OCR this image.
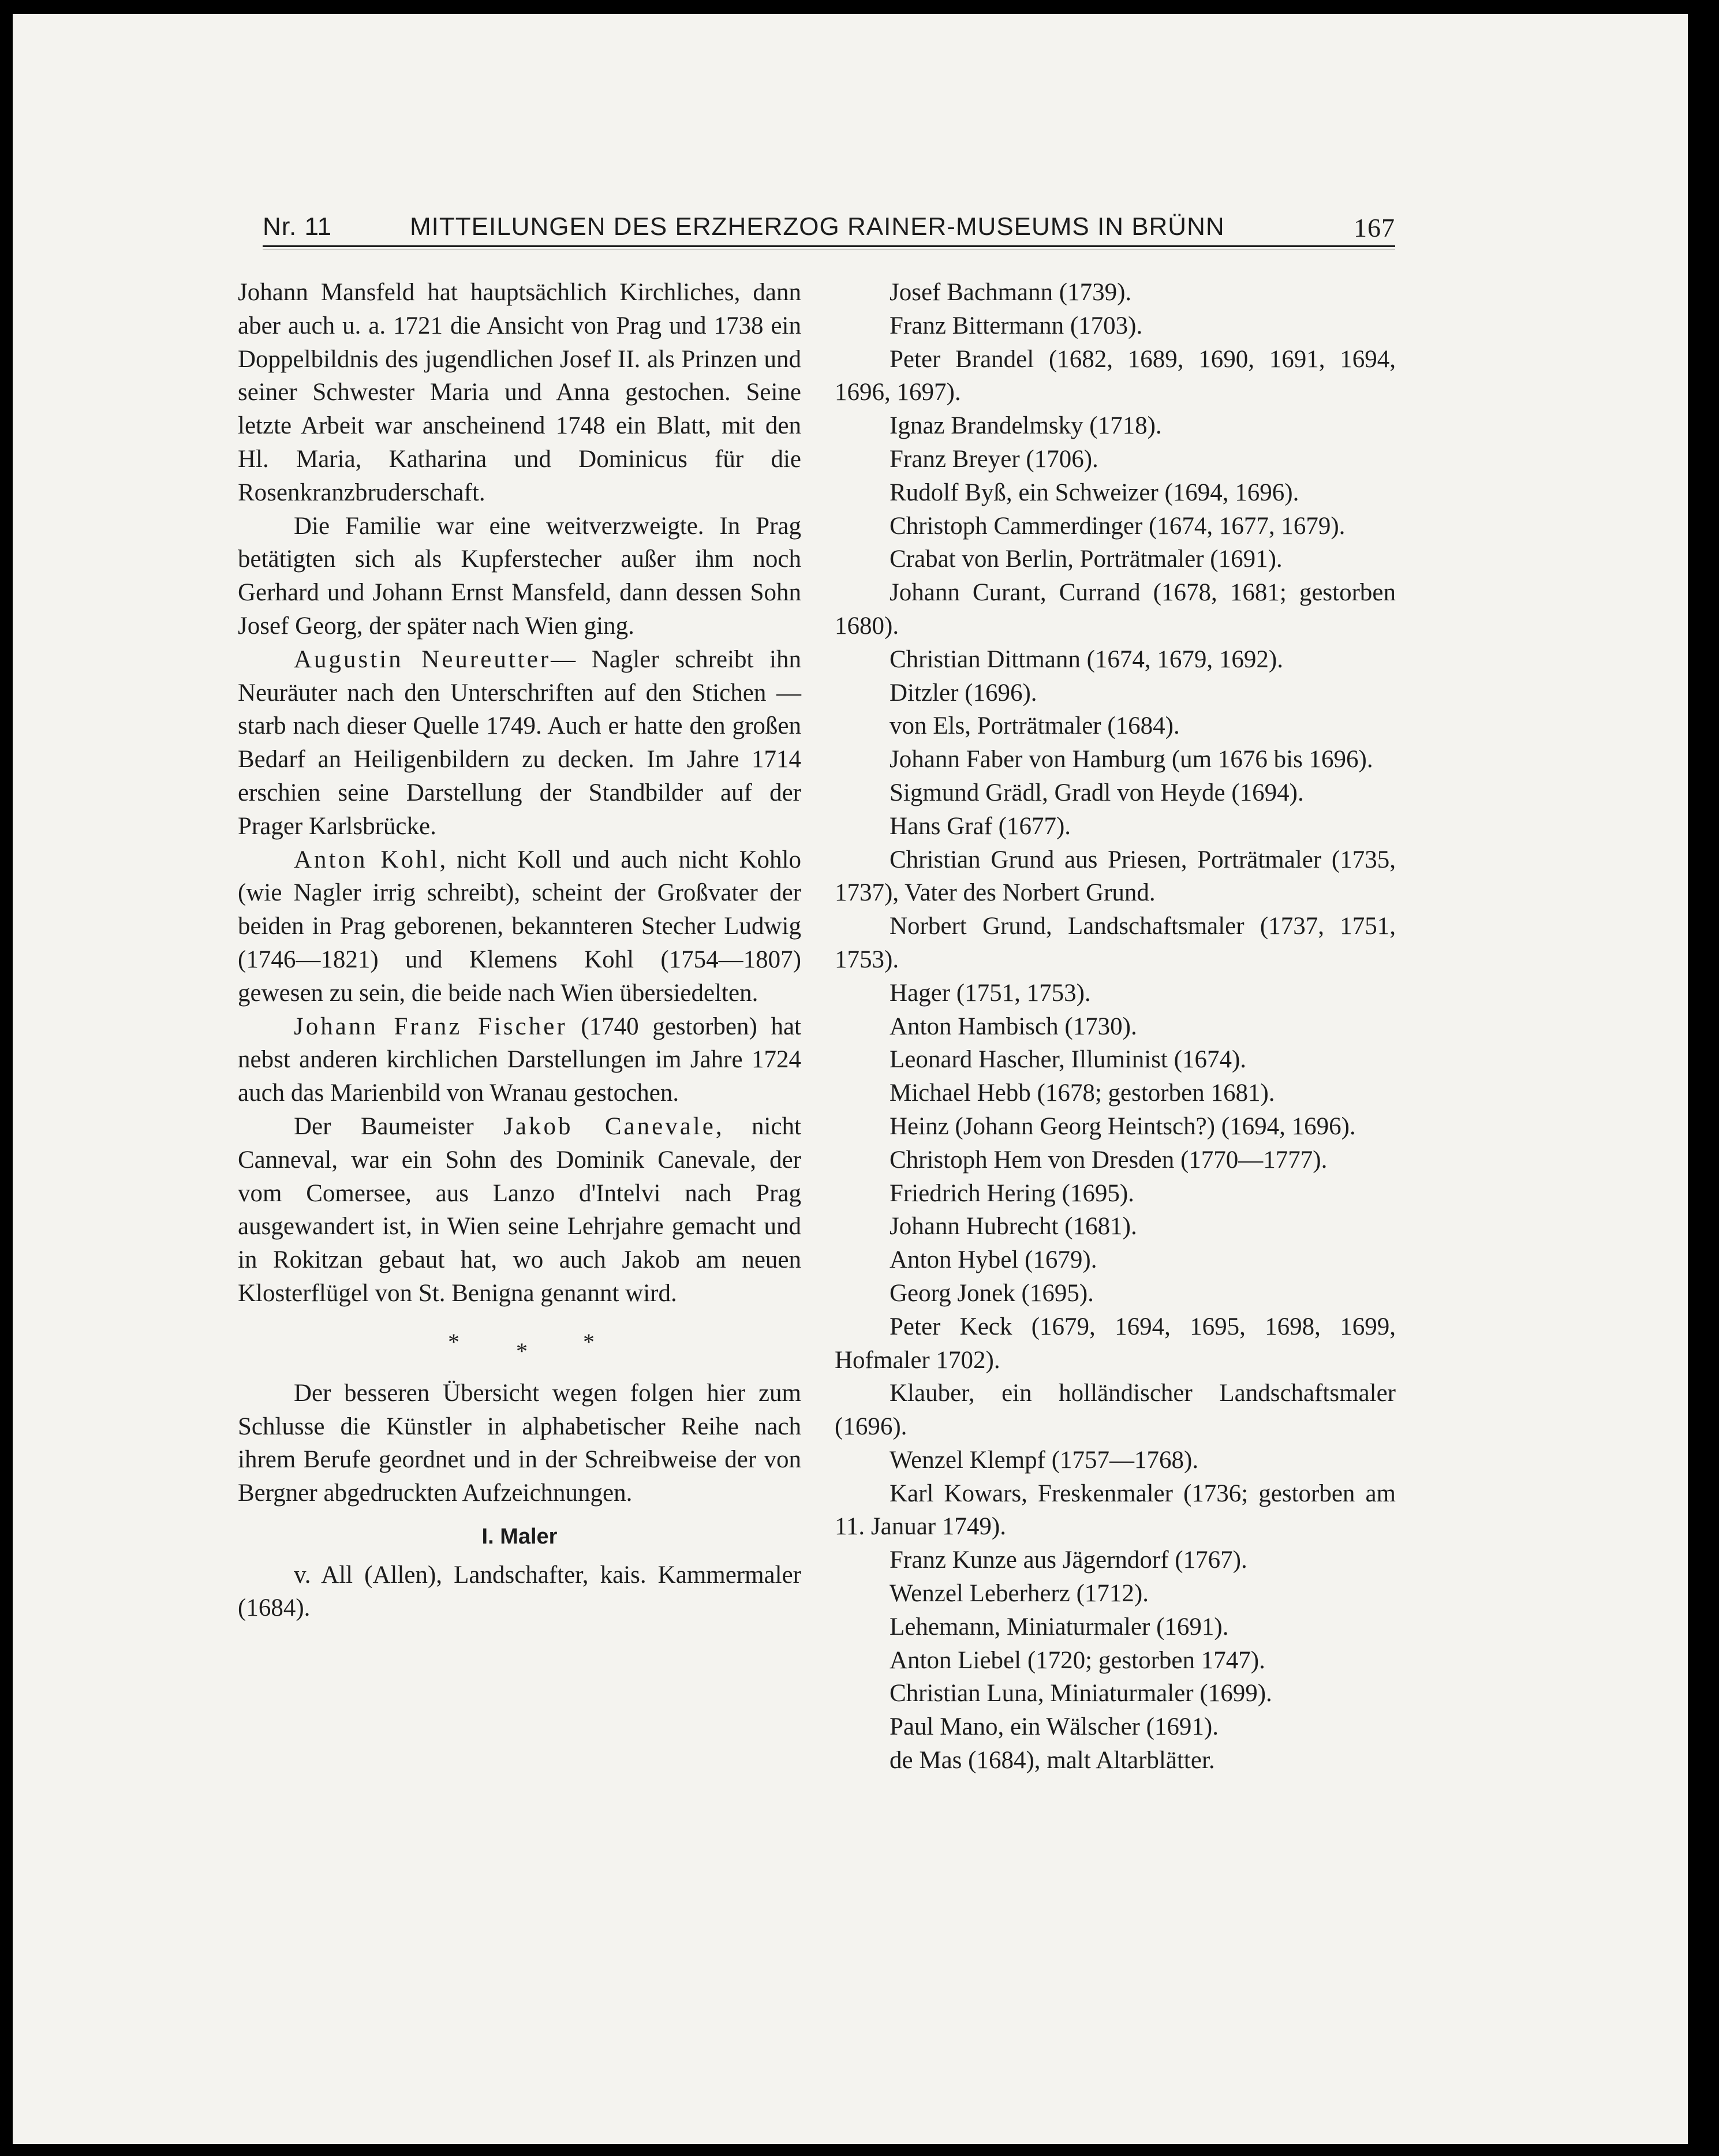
Nr. 11	MITTEILUNGEN DES ERZHERZOG RAINER-MUSEUMS IN BRÜNN	167

Johann Mansfeld hat hauptsächlich Kirchliches, dann aber auch u. a. 1721 die Ansicht von Prag und 1738 ein Doppelbildnis des jugendlichen Josef II. als Prinzen und seiner Schwester Maria und Anna gestochen. Seine letzte Arbeit war anscheinend 1748 ein Blatt, mit den Hl. Maria, Katharina und Dominicus für die Rosenkranzbruderschaft.

Die Familie war eine weitverzweigte. In Prag betätigten sich als Kupferstecher außer ihm noch Gerhard und Johann Ernst Mansfeld, dann dessen Sohn Josef Georg, der später nach Wien ging.

Augustin Neureutter— Nagler schreibt ihn Neuräuter nach den Unterschriften auf den Stichen — starb nach dieser Quelle 1749. Auch er hatte den großen Bedarf an Heiligenbildern zu decken. Im Jahre 1714 erschien seine Darstellung der Standbilder auf der Prager Karlsbrücke.

Anton Kohl, nicht Koll und auch nicht Kohlo (wie Nagler irrig schreibt), scheint der Großvater der beiden in Prag geborenen, bekannteren Stecher Ludwig (1746—1821) und Klemens Kohl (1754—1807) gewesen zu sein, die beide nach Wien übersiedelten.

Johann Franz Fischer (1740 gestorben) hat nebst anderen kirchlichen Darstellungen im Jahre 1724 auch das Marienbild von Wranau gestochen.

Der Baumeister Jakob Canevale, nicht Canneval, war ein Sohn des Dominik Canevale, der vom Comersee, aus Lanzo d'Intelvi nach Prag ausgewandert ist, in Wien seine Lehrjahre gemacht und in Rokitzan gebaut hat, wo auch Jakob am neuen Klosterflügel von St. Benigna genannt wird.

* * *

Der besseren Übersicht wegen folgen hier zum Schlusse die Künstler in alphabetischer Reihe nach ihrem Berufe geordnet und in der Schreibweise der von Bergner abgedruckten Aufzeichnungen.

I. Maler

v. All (Allen), Landschafter, kais. Kammermaler (1684).

Josef Bachmann (1739).

Franz Bittermann (1703).

Peter Brandel (1682, 1689, 1690, 1691, 1694, 1696, 1697).

Ignaz Brandelmsky (1718).

Franz Breyer (1706).

Rudolf Byß, ein Schweizer (1694, 1696).

Christoph Cammerdinger (1674, 1677, 1679).

Crabat von Berlin, Porträtmaler (1691).

Johann Curant, Currand (1678, 1681; gestorben 1680).

Christian Dittmann (1674, 1679, 1692).

Ditzler (1696).

von Els, Porträtmaler (1684).

Johann Faber von Hamburg (um 1676 bis 1696).

Sigmund Grädl, Gradl von Heyde (1694).

Hans Graf (1677).

Christian Grund aus Priesen, Porträtmaler (1735, 1737), Vater des Norbert Grund.

Norbert Grund, Landschaftsmaler (1737, 1751, 1753).

Hager (1751, 1753).

Anton Hambisch (1730).

Leonard Hascher, Illuminist (1674).

Michael Hebb (1678; gestorben 1681).

Heinz (Johann Georg Heintsch?) (1694, 1696).

Christoph Hem von Dresden (1770—1777).

Friedrich Hering (1695).

Johann Hubrecht (1681).

Anton Hybel (1679).

Georg Jonek (1695).

Peter Keck (1679, 1694, 1695, 1698, 1699, Hofmaler 1702).

Klauber, ein holländischer Landschaftsmaler (1696).

Wenzel Klempf (1757—1768).

Karl Kowars, Freskenmaler (1736; gestorben am 11. Januar 1749).

Franz Kunze aus Jägerndorf (1767).

Wenzel Leberherz (1712).

Lehemann, Miniaturmaler (1691).

Anton Liebel (1720; gestorben 1747).

Christian Luna, Miniaturmaler (1699).

Paul Mano, ein Wälscher (1691).

de Mas (1684), malt Altarblätter.
